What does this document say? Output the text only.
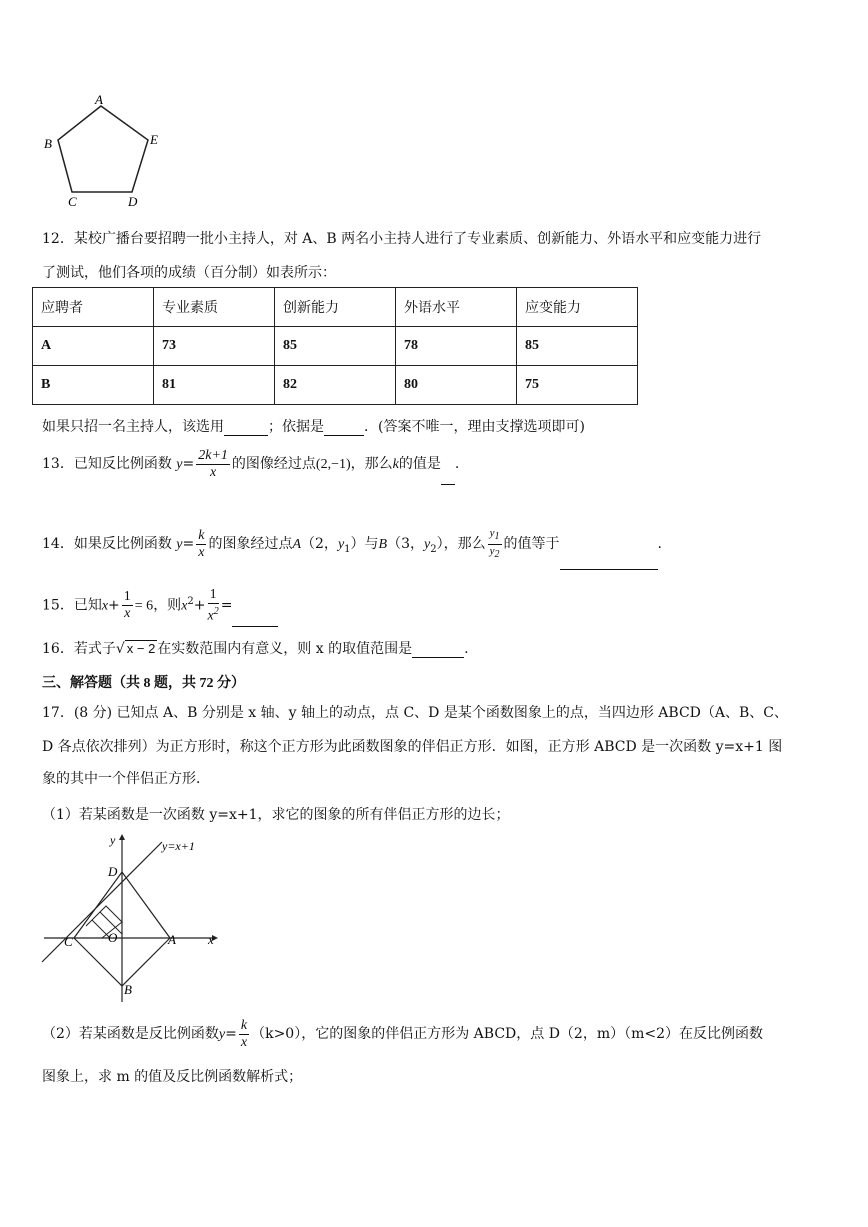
A
B	E
C	D
12．某校广播台要招聘一批小主持人，对 A、B 两名小主持人进行了专业素质、创新能力、外语水平和应变能力进行
了测试，他们各项的成绩（百分制）如表所示：
应聘者	专业素质	创新能力	外语水平	应变能力
A	73	85	78	85
B	81	82	80	75
如果只招一名主持人，该选用	；依据是	．(答案不唯一，理由支撑选项即可)
13．已知反比例函数 $y= \frac{2k+1}{x}$ 的图像经过点(2,−1)，那么k的值是 .
14．如果反比例函数 $y= \frac{k}{x}$ 的图象经过点A（2，$y_1$）与B（3，$y_2$），那么 $\frac{y_1}{y_2}$ 的值等于	.
15．已知$x+ \frac{1}{x} = 6$，则$x^2+ \frac{1}{x^2}$ =
16．若式子√ x − 2 在实数范围内有意义，则 x 的取值范围是	.
三、解答题（共 8 题，共 72 分）
17．(8 分) 已知点 A、B 分别是 x 轴、y 轴上的动点，点 C、D 是某个函数图象上的点，当四边形 ABCD（A、B、C、
D 各点依次排列）为正方形时，称这个正方形为此函数图象的伴侣正方形．如图，正方形 ABCD 是一次函数 y=x+1 图
象的其中一个伴侣正方形．
（1）若某函数是一次函数 y=x+1，求它的图象的所有伴侣正方形的边长；
y	y=x+1
D
C	O	A x
B
（2）若某函数是反比例函数$y= \frac{k}{x} (k>0)$，它的图象的伴侣正方形为 ABCD，点 D（2，m）（m<2）在反比例函数
图象上，求 m 的值及反比例函数解析式；
